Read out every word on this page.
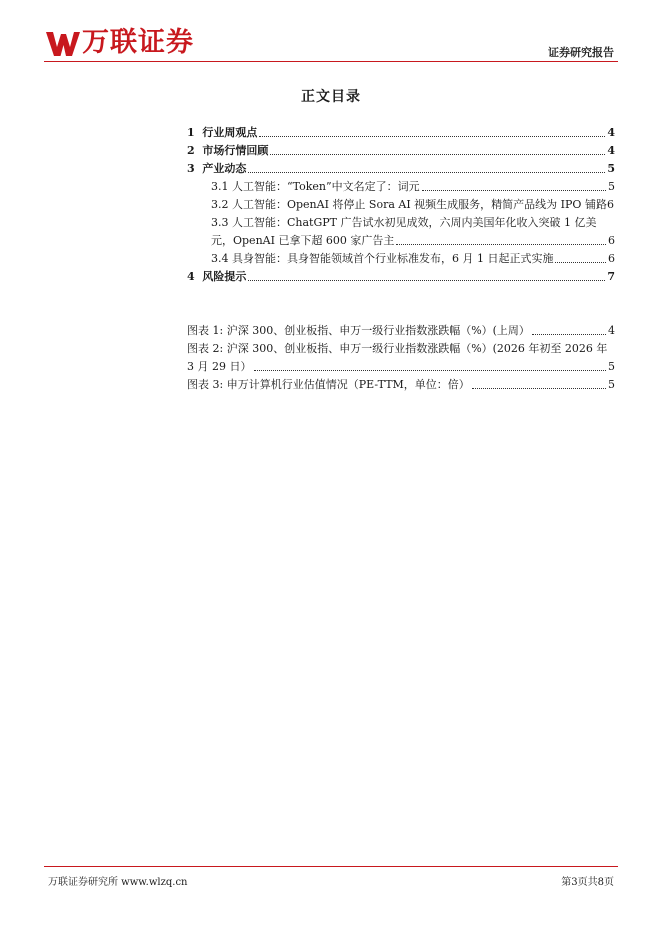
万联证券	证券研究报告
正文目录
1 行业周观点	4
2 市场行情回顾	4
3 产业动态	5
3.1 人工智能：“Token”中文名定了：词元	5
3.2 人工智能：OpenAI 将停止 Sora AI 视频生成服务，精简产品线为 IPO 铺路 6
3.3 人工智能：ChatGPT 广告试水初见成效，六周内美国年化收入突破 1 亿美
元，OpenAI 已拿下超 600 家广告主	6
3.4 具身智能：具身智能领域首个行业标准发布，6 月 1 日起正式实施	6
4 风险提示	7
图表 1: 沪深 300、创业板指、申万一级行业指数涨跌幅（%）(上周）	4
图表 2: 沪深 300、创业板指、申万一级行业指数涨跌幅（%）(2026 年初至 2026 年
3 月 29 日）	5
图表 3: 申万计算机行业估值情况（PE-TTM，单位：倍）	5
万联证券研究所 www.wlzq.cn	第3页共8页
